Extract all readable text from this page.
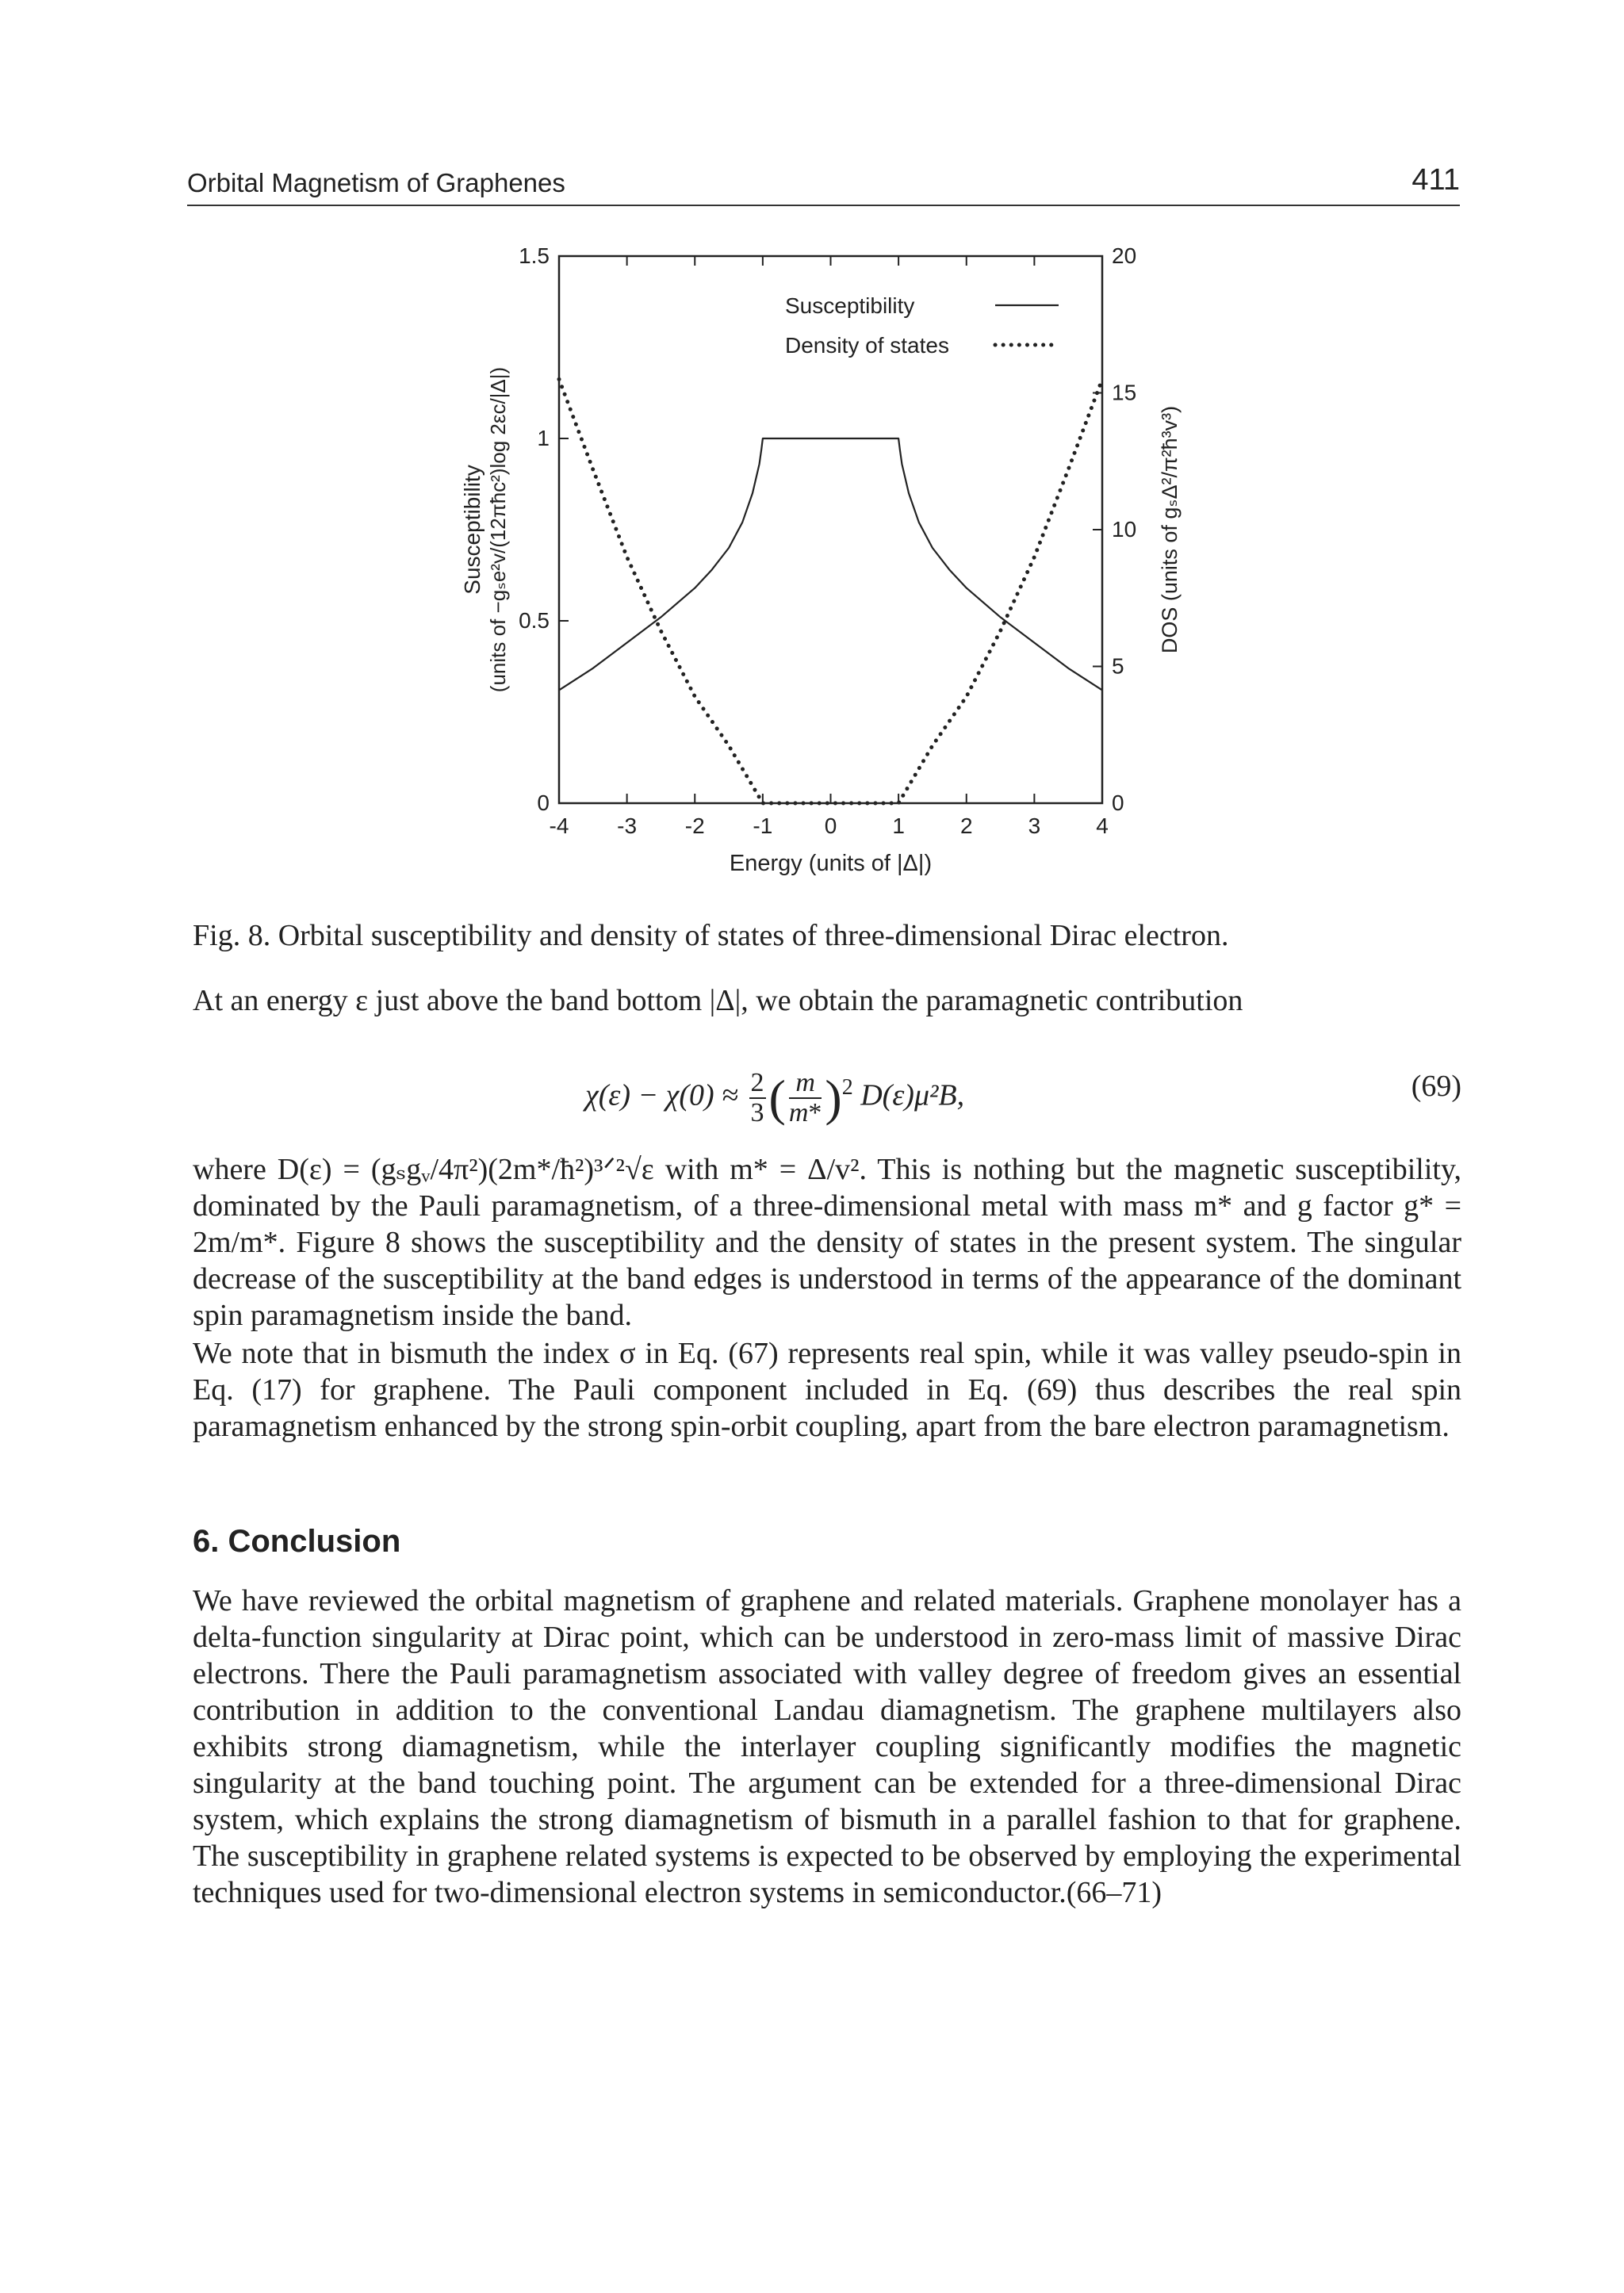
Orbital Magnetism of Graphenes	411
-4 -3 -2 -1 0	1	2	3	4
0
0.5
1
1.5
0
5
10
15
20
Energy (units of |Δ|)
Susceptibility (units of −gₛe²v/(12πħc²)log 2εc/|Δ|)	DOS (units of gₛΔ²/π²ħ³v³)
Susceptibility
Density of states
Fig. 8. Orbital susceptibility and density of states of three-dimensional Dirac electron.
At an energy ε just above the band bottom |Δ|, we obtain the paramagnetic contribution
$\chi(\varepsilon) - \chi(0) \approx \frac{2}{3}$ ( $\frac{m}{m*} )^2$ D(ε)μ²B,	(69)

where D(ε) = (gₛgᵥ/4π²)(2m*/ħ²)³ᐟ²√ε with m* = Δ/v². This is nothing but the magnetic susceptibility, dominated by the Pauli paramagnetism, of a three-dimensional metal with mass m* and g factor g* = 2m/m*. Figure 8 shows the susceptibility and the density of states in the present system. The singular decrease of the susceptibility at the band edges is understood in terms of the appearance of the dominant spin paramagnetism inside the band.

We note that in bismuth the index σ in Eq. (67) represents real spin, while it was valley pseudo-spin in Eq. (17) for graphene. The Pauli component included in Eq. (69) thus describes the real spin paramagnetism enhanced by the strong spin-orbit coupling, apart from the bare electron paramagnetism.

6. Conclusion

We have reviewed the orbital magnetism of graphene and related materials. Graphene monolayer has a delta-function singularity at Dirac point, which can be understood in zero-mass limit of massive Dirac electrons. There the Pauli paramagnetism associated with valley degree of freedom gives an essential contribution in addition to the conventional Landau diamagnetism. The graphene multilayers also exhibits strong diamagnetism, while the interlayer coupling significantly modifies the magnetic singularity at the band touching point. The argument can be extended for a three-dimensional Dirac system, which explains the strong diamagnetism of bismuth in a parallel fashion to that for graphene. The susceptibility in graphene related systems is expected to be observed by employing the experimental techniques used for two-dimensional electron systems in semiconductor.(66–71)
